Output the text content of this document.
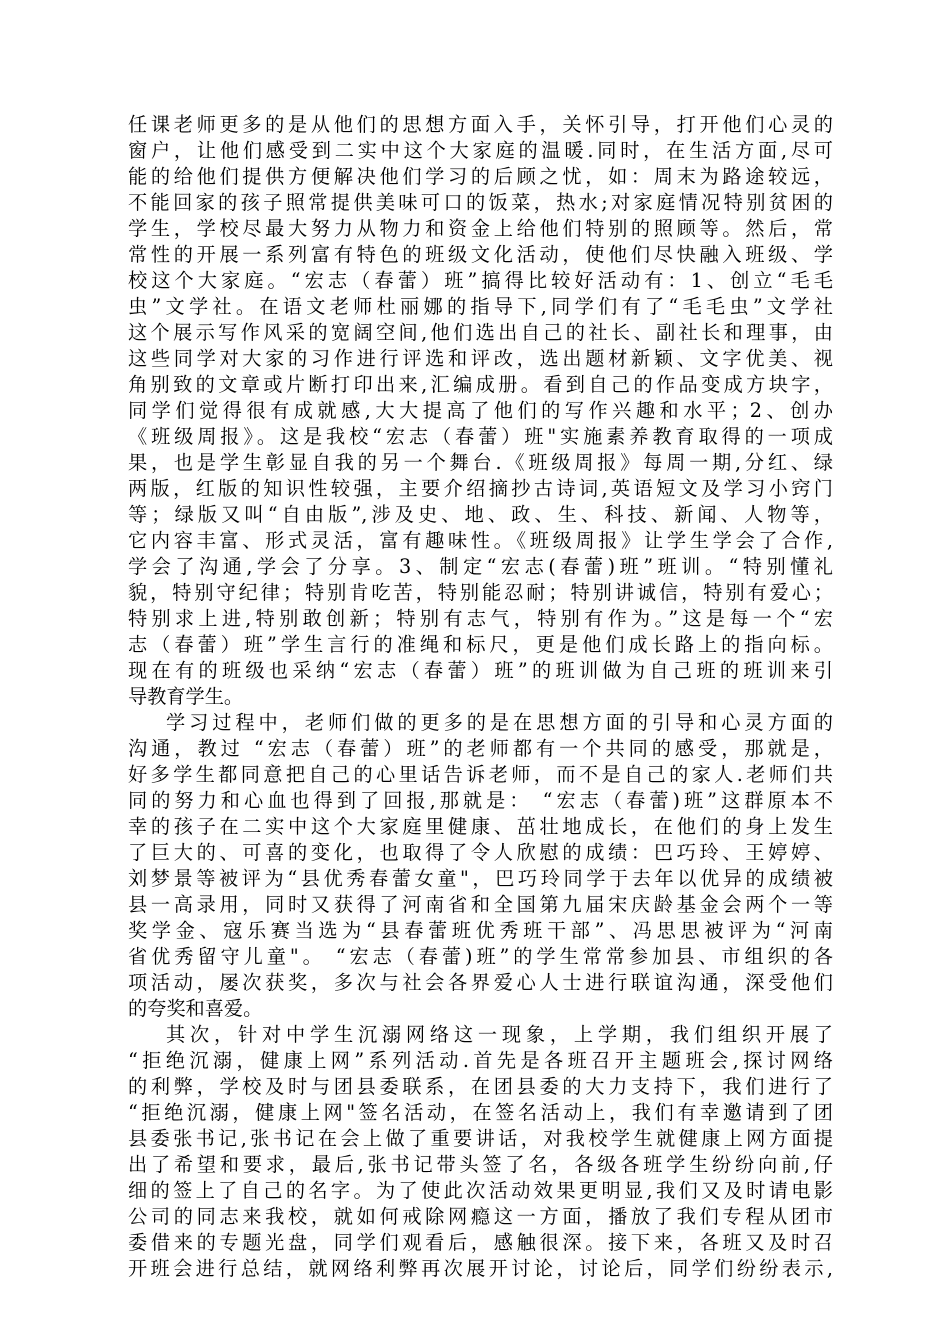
任课老师更多的是从他们的思想方面入手，关怀引导，打开他们心灵的
窗户，让他们感受到二实中这个大家庭的温暖.同时，在生活方面,尽可
能的给他们提供方便解决他们学习的后顾之忧，如：周末为路途较远，
不能回家的孩子照常提供美味可口的饭菜，热水;对家庭情况特别贫困的
学生，学校尽最大努力从物力和资金上给他们特别的照顾等。然后，常
常性的开展一系列富有特色的班级文化活动，使他们尽快融入班级、学
校这个大家庭。“宏志（春蕾）班”搞得比较好活动有：1、创立“毛毛
虫”文学社。在语文老师杜丽娜的指导下,同学们有了“毛毛虫”文学社
这个展示写作风采的宽阔空间,他们选出自己的社长、副社长和理事，由
这些同学对大家的习作进行评选和评改，选出题材新颖、文字优美、视
角别致的文章或片断打印出来,汇编成册。看到自己的作品变成方块字，
同学们觉得很有成就感,大大提高了他们的写作兴趣和水平；2、创办
《班级周报》。这是我校“宏志（春蕾）班"实施素养教育取得的一项成
果，也是学生彰显自我的另一个舞台.《班级周报》每周一期,分红、绿
两版，红版的知识性较强，主要介绍摘抄古诗词,英语短文及学习小窍门
等；绿版又叫“自由版”,涉及史、地、政、生、科技、新闻、人物等，
它内容丰富、形式灵活，富有趣味性。《班级周报》让学生学会了合作,
学会了沟通,学会了分享。3、制定“宏志(春蕾)班”班训。“特别懂礼
貌，特别守纪律；特别肯吃苦，特别能忍耐；特别讲诚信，特别有爱心；
特别求上进,特别敢创新；特别有志气，特别有作为。”这是每一个“宏
志（春蕾）班”学生言行的准绳和标尺，更是他们成长路上的指向标。
现在有的班级也采纳“宏志（春蕾）班”的班训做为自己班的班训来引
导教育学生。
学习过程中，老师们做的更多的是在思想方面的引导和心灵方面的
沟通，教过 “宏志（春蕾）班”的老师都有一个共同的感受，那就是，
好多学生都同意把自己的心里话告诉老师，而不是自己的家人.老师们共
同的努力和心血也得到了回报,那就是： “宏志（春蕾)班”这群原本不
幸的孩子在二实中这个大家庭里健康、茁壮地成长，在他们的身上发生
了巨大的、可喜的变化，也取得了令人欣慰的成绩：巴巧玲、王婷婷、
刘梦景等被评为“县优秀春蕾女童"，巴巧玲同学于去年以优异的成绩被
县一高录用，同时又获得了河南省和全国第九届宋庆龄基金会两个一等
奖学金、寇乐赛当选为“县春蕾班优秀班干部”、冯思思被评为“河南
省优秀留守儿童"。 “宏志（春蕾)班”的学生常常参加县、市组织的各
项活动，屡次获奖，多次与社会各界爱心人士进行联谊沟通，深受他们
的夸奖和喜爱。
其次，针对中学生沉溺网络这一现象，上学期，我们组织开展了
“拒绝沉溺，健康上网”系列活动.首先是各班召开主题班会,探讨网络
的利弊，学校及时与团县委联系，在团县委的大力支持下，我们进行了
“拒绝沉溺，健康上网"签名活动，在签名活动上，我们有幸邀请到了团
县委张书记,张书记在会上做了重要讲话，对我校学生就健康上网方面提
出了希望和要求，最后,张书记带头签了名，各级各班学生纷纷向前,仔
细的签上了自己的名字。为了使此次活动效果更明显,我们又及时请电影
公司的同志来我校，就如何戒除网瘾这一方面，播放了我们专程从团市
委借来的专题光盘，同学们观看后，感触很深。接下来，各班又及时召
开班会进行总结，就网络利弊再次展开讨论，讨论后，同学们纷纷表示,
